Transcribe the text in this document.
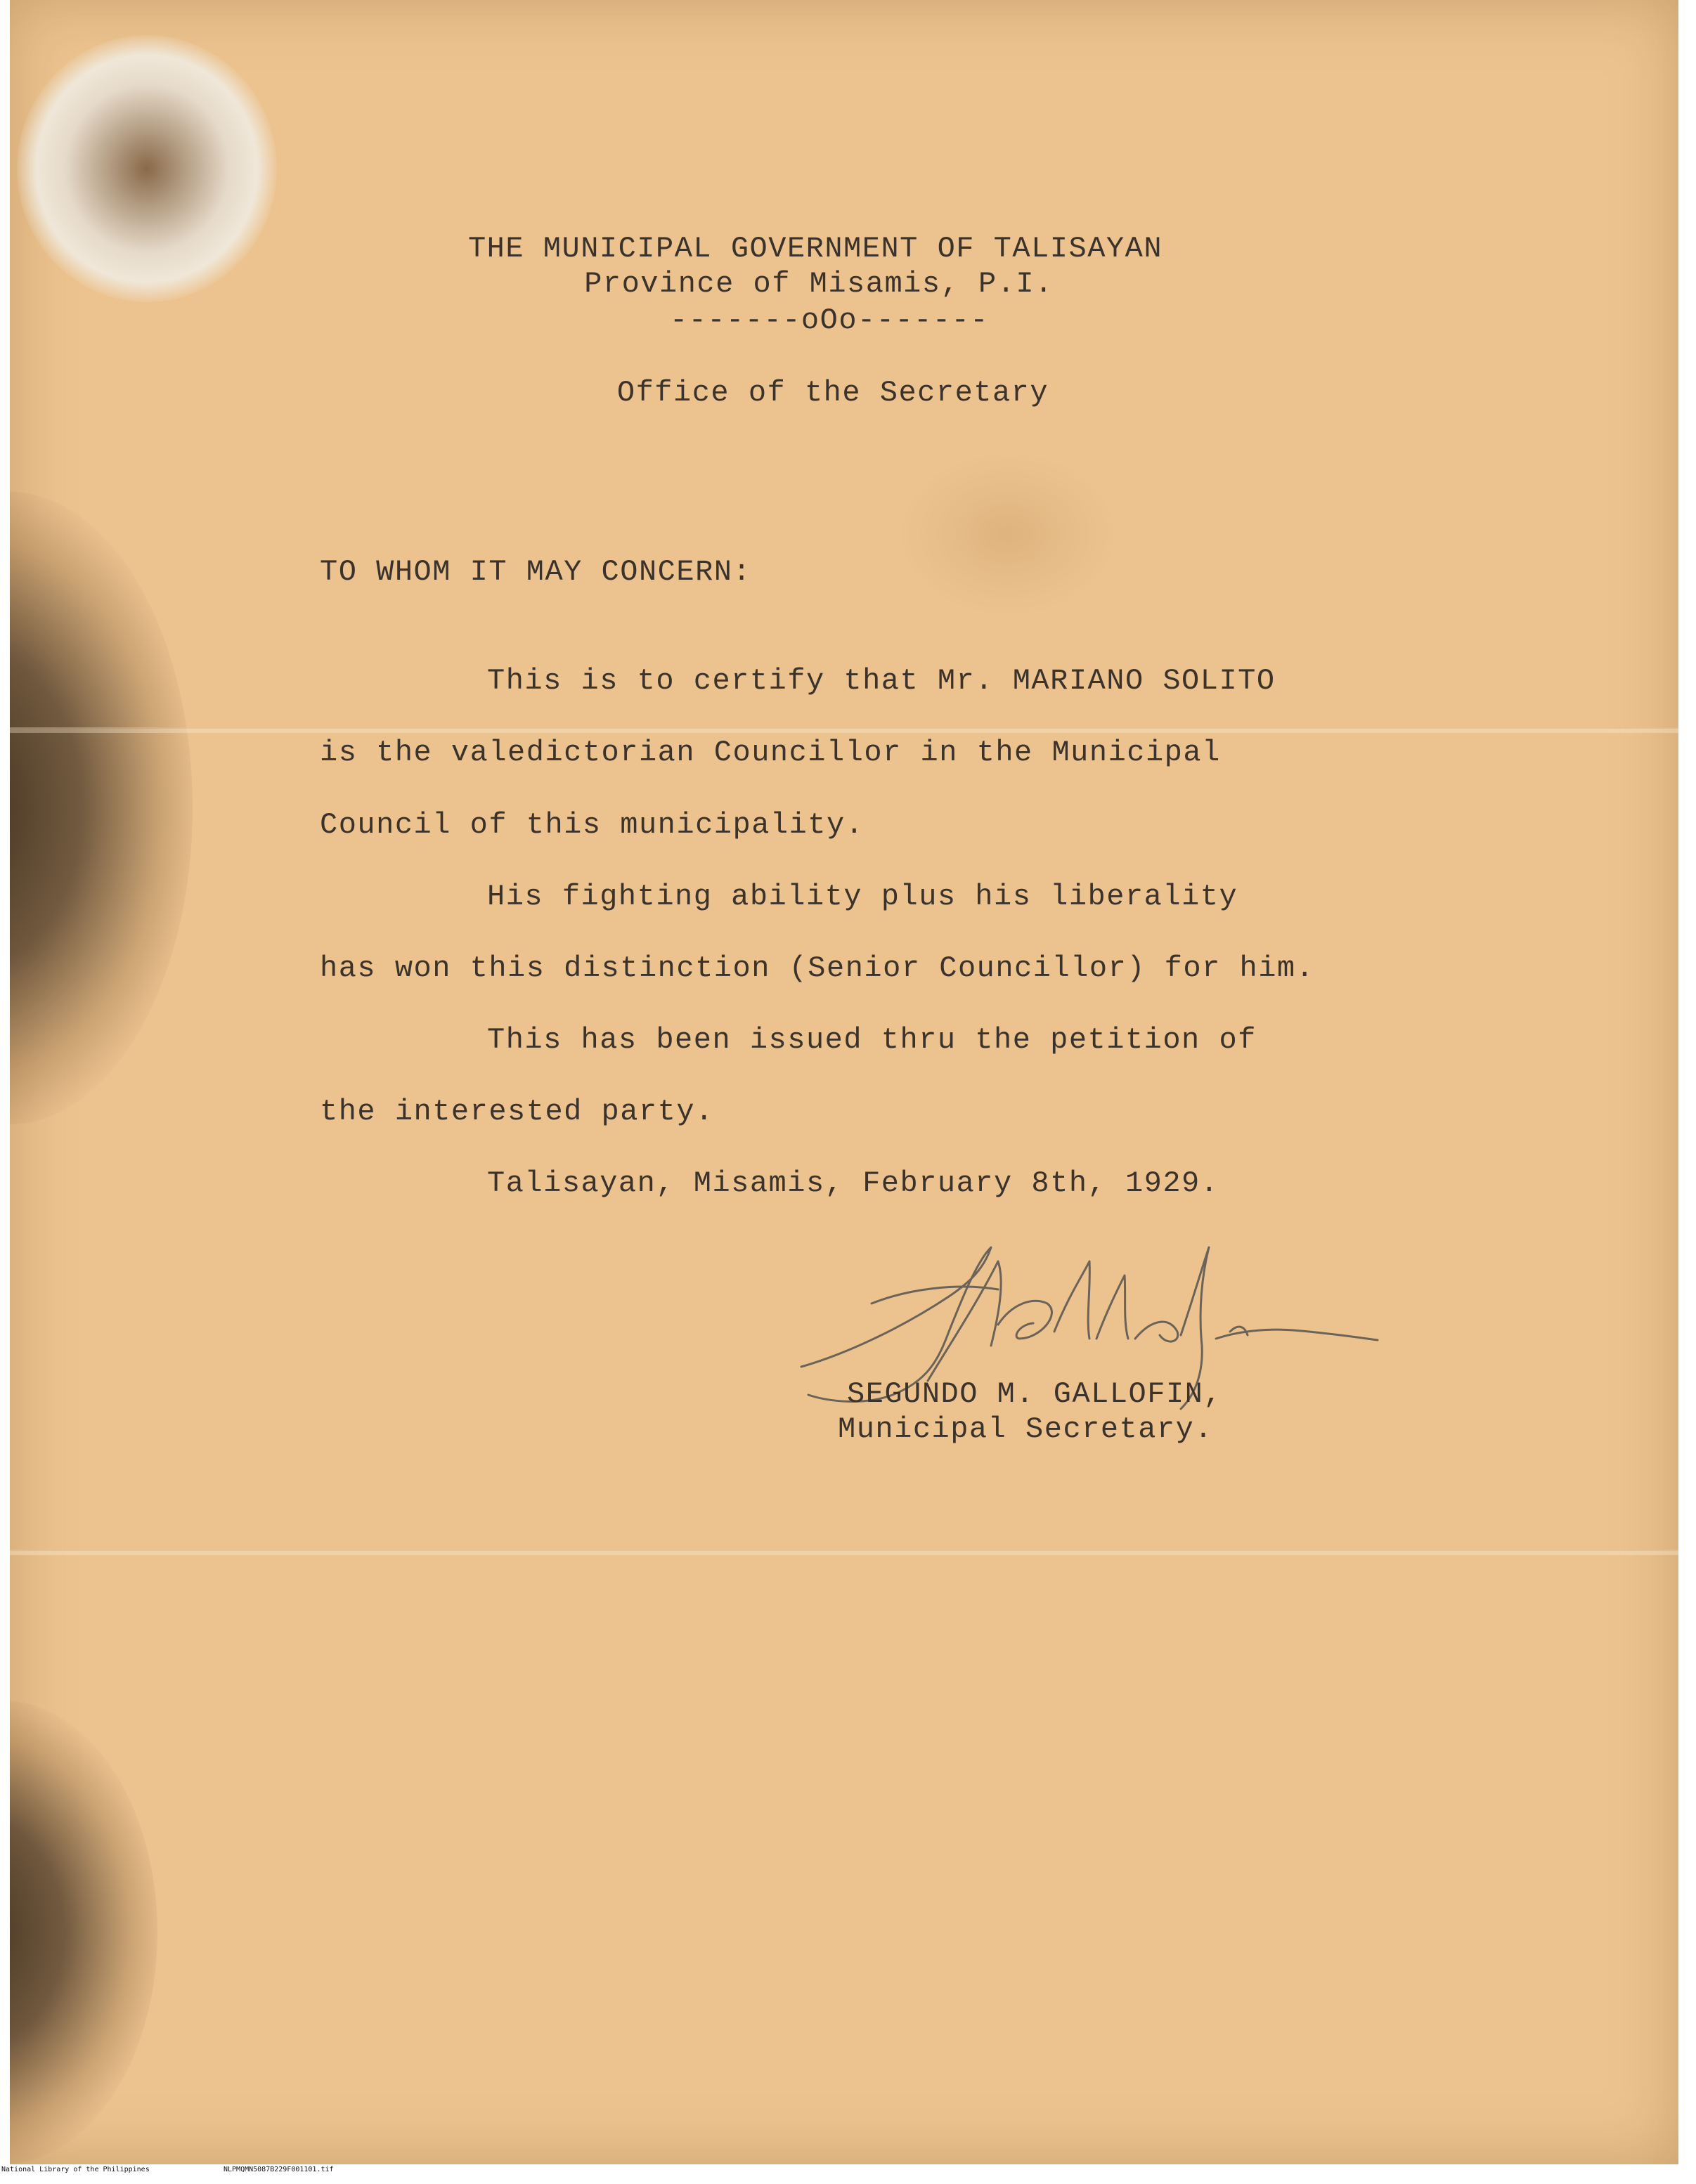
THE MUNICIPAL GOVERNMENT OF TALISAYAN
Province of Misamis, P.I.
-------oOo-------
Office of the Secretary
TO WHOM IT MAY CONCERN:
This is to certify that Mr. MARIANO SOLITO
is the valedictorian Councillor in the Municipal
Council of this municipality.
His fighting ability plus his liberality
has won this distinction (Senior Councillor) for him.
This has been issued thru the petition of
the interested party.
Talisayan, Misamis, February 8th, 1929.
SEGUNDO M. GALLOFIN,
Municipal Secretary.
National Library of the Philippines	NLPMQMN5087B229F001101.tif
